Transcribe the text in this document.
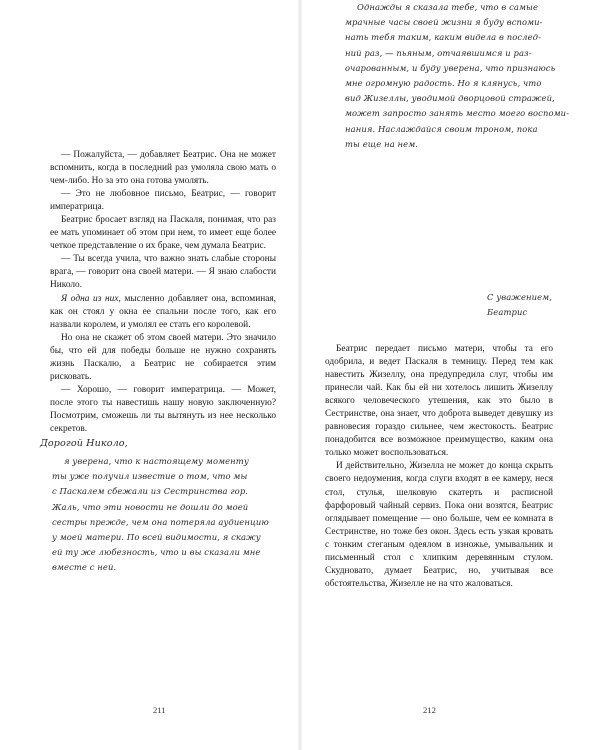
— Пожалуйста, — добавляет Беатрис. Она не может вспомнить, когда в последний раз умоляла свою мать о чем-либо. Но за это она готова умолять.

— Это не любовное письмо, Беатрис, — говорит императрица.

Беатрис бросает взгляд на Паскаля, понимая, что раз ее мать упоминает об этом при нем, то имеет еще более четкое представление о их браке, чем думала Беатрис.

— Ты всегда учила, что важно знать слабые стороны врага, — говорит она своей матери. — Я знаю слабости Николо.

Я одна из них, мысленно добавляет она, вспоминая, как он стоял у окна ее спальни после того, как его назвали королем, и умолял ее стать его королевой.

Но она не скажет об этом своей матери. Это значило бы, что ей для победы больше не нужно сохранять жизнь Паскалю, а Беатрис не собирается этим рисковать.

— Хорошо, — говорит императрица. — Может, после этого ты навестишь нашу новую заключенную? Посмотрим, сможешь ли ты вытянуть из нее несколько секретов.

Дорогой Николо,
я уверена, что к настоящему моменту
ты уже получил известие о том, что мы
с Паскалем сбежали из Сестринства гор.
Жаль, что эти новости не дошли до моей
сестры прежде, чем она потеряла аудиенцию
у моей матери. По всей видимости, я скажу
ей ту же любезность, что и вы сказали мне
вместе с ней.
211
Однажды я сказала тебе, что в самые
мрачные часы своей жизни я буду вспоми-
нать тебя таким, каким видела в послед-
ний раз, — пьяным, отчаявшимся и раз-
очарованным, и буду уверена, что признаюсь
мне огромную радость. Но я клянусь, что
вид Жизеллы, уводимой дворцовой стражей,
может запросто занять место моего воспоми-
нания. Наслаждайся своим троном, пока
ты еще на нем.
С уважением,
Беатрис

Беатрис передает письмо матери, чтобы та его одобрила, и ведет Паскаля в темницу. Перед тем как навестить Жизеллу, она предупредила слуг, чтобы им принесли чай. Как бы ей ни хотелось лишить Жизеллу всякого человеческого утешения, как это было в Сестринстве, она знает, что доброта выведет девушку из равновесия гораздо сильнее, чем жестокость. Беатрис понадобится все возможное преимущество, каким она только может воспользоваться.

И действительно, Жизелла не может до конца скрыть своего недоумения, когда слуги входят в ее камеру, неся стол, стулья, шелковую скатерть и расписной фарфоровый чайный сервиз. Пока они возятся, Беатрис оглядывает помещение — оно больше, чем ее комната в Сестринстве, но тоже без окон. Здесь есть узкая кровать с тонким стеганым одеялом в изножье, умывальник и письменный стол с хлипким деревянным стулом. Скудновато, думает Беатрис, но, учитывая все обстоятельства, Жизелле не на что жаловаться.

212
